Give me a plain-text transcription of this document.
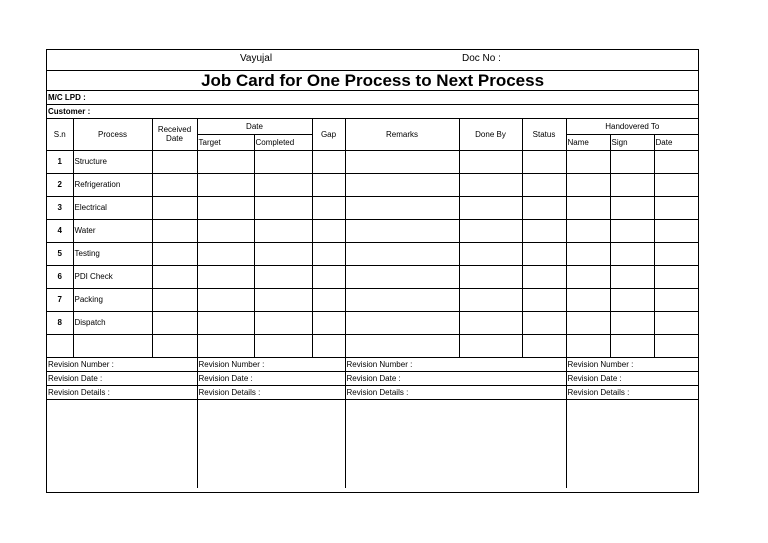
Vayujal Doc No :											

Job Card for One Process to Next Process											
M/C LPD :											
Customer :											
S.n	Process	Received Date	Date		Gap	Remarks	Done By	Status	Handovered To		
			Target	Completed					Name	Sign	Date
1	Structure										
2	Refrigeration										
3	Electrical										
4	Water										
5	Testing										
6	PDI Check										
7	Packing										
8	Dispatch										

Revision Number :			Revision Number :			Revision Number :			Revision Number :		
Revision Date :			Revision Date :			Revision Date :			Revision Date :		
Revision Details :			Revision Details :			Revision Details :			Revision Details :		
